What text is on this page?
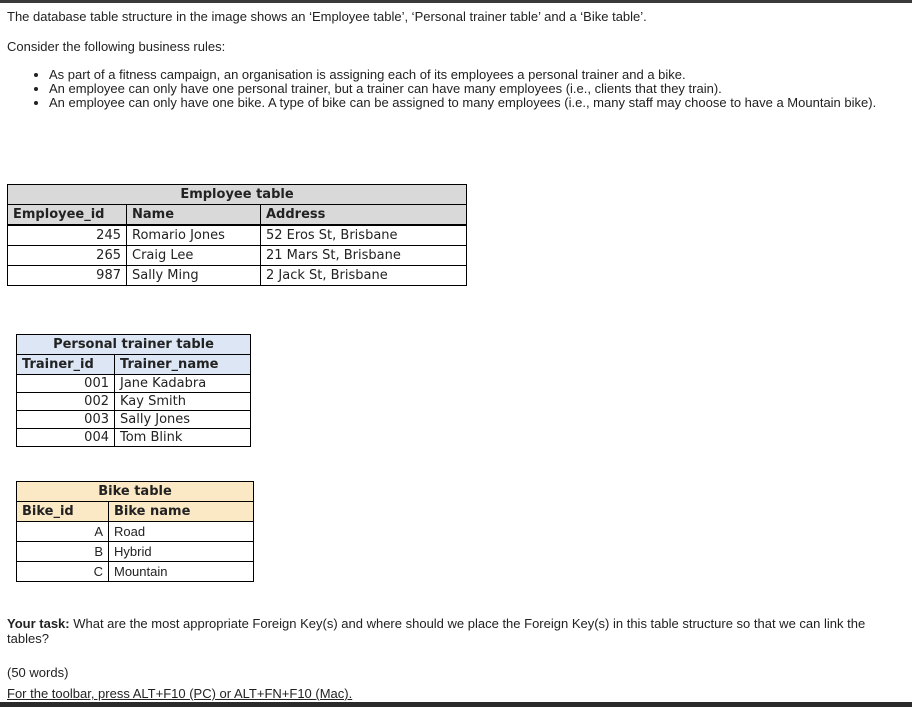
The database table structure in the image shows an ‘Employee table’, ‘Personal trainer table’ and a ‘Bike table’.

Consider the following business rules:

• As part of a fitness campaign, an organisation is assigning each of its employees a personal trainer and a bike.
• An employee can only have one personal trainer, but a trainer can have many employees (i.e., clients that they train).
• An employee can only have one bike. A type of bike can be assigned to many employees (i.e., many staff may choose to have a Mountain bike).
Employee table		
Employee_id	Name	Address
245	Romario Jones	52 Eros St, Brisbane
265	Craig Lee	21 Mars St, Brisbane
987	Sally Ming	2 Jack St, Brisbane
Personal trainer table	
Trainer_id	Trainer_name
001	Jane Kadabra
002	Kay Smith
003	Sally Jones
004	Tom Blink
Bike table	
Bike_id	Bike name
A	Road
B	Hybrid
C	Mountain

Your task: What are the most appropriate Foreign Key(s) and where should we place the Foreign Key(s) in this table structure so that we can link the tables?

(50 words)

For the toolbar, press ALT+F10 (PC) or ALT+FN+F10 (Mac).
